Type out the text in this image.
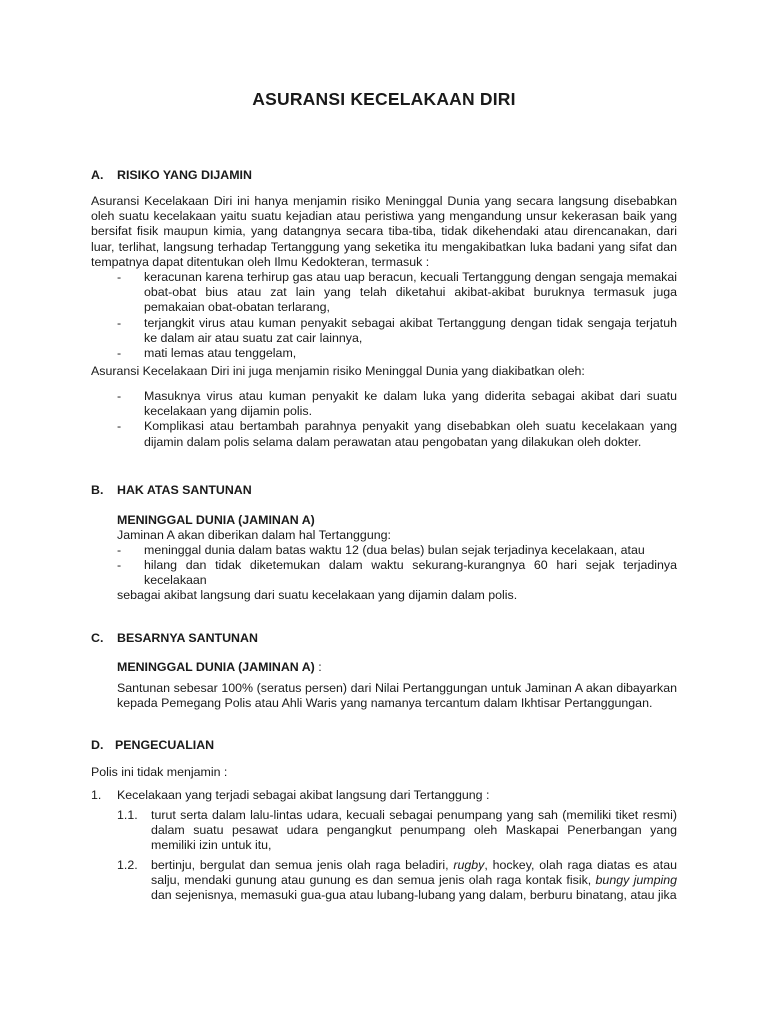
ASURANSI KECELAKAAN DIRI
A. RISIKO YANG DIJAMIN
Asuransi Kecelakaan Diri ini hanya menjamin risiko Meninggal Dunia yang secara langsung disebabkan oleh suatu kecelakaan yaitu suatu kejadian atau peristiwa yang mengandung unsur kekerasan baik yang bersifat fisik maupun kimia, yang datangnya secara tiba-tiba, tidak dikehendaki atau direncanakan, dari luar, terlihat, langsung terhadap Tertanggung yang seketika itu mengakibatkan luka badani yang sifat dan tempatnya dapat ditentukan oleh Ilmu Kedokteran, termasuk :
- keracunan karena terhirup gas atau uap beracun, kecuali Tertanggung dengan sengaja memakai obat-obat bius atau zat lain yang telah diketahui akibat-akibat buruknya termasuk juga pemakaian obat-obatan terlarang,
- terjangkit virus atau kuman penyakit sebagai akibat Tertanggung dengan tidak sengaja terjatuh ke dalam air atau suatu zat cair lainnya,
- mati lemas atau tenggelam,
Asuransi Kecelakaan Diri ini juga menjamin risiko Meninggal Dunia yang diakibatkan oleh:
- Masuknya virus atau kuman penyakit ke dalam luka yang diderita sebagai akibat dari suatu kecelakaan yang dijamin polis.
- Komplikasi atau bertambah parahnya penyakit yang disebabkan oleh suatu kecelakaan yang dijamin dalam polis selama dalam perawatan atau pengobatan yang dilakukan oleh dokter.
B. HAK ATAS SANTUNAN
MENINGGAL DUNIA (JAMINAN A)
Jaminan A akan diberikan dalam hal Tertanggung:
- meninggal dunia dalam batas waktu 12 (dua belas) bulan sejak terjadinya kecelakaan, atau
- hilang dan tidak diketemukan dalam waktu sekurang-kurangnya 60 hari sejak terjadinya kecelakaan
sebagai akibat langsung dari suatu kecelakaan yang dijamin dalam polis.
C. BESARNYA SANTUNAN
MENINGGAL DUNIA (JAMINAN A) :
Santunan sebesar 100% (seratus persen) dari Nilai Pertanggungan untuk Jaminan A akan dibayarkan kepada Pemegang Polis atau Ahli Waris yang namanya tercantum dalam Ikhtisar Pertanggungan.
D. PENGECUALIAN
Polis ini tidak menjamin :
1. Kecelakaan yang terjadi sebagai akibat langsung dari Tertanggung :
1.1. turut serta dalam lalu-lintas udara, kecuali sebagai penumpang yang sah (memiliki tiket resmi) dalam suatu pesawat udara pengangkut penumpang oleh Maskapai Penerbangan yang memiliki izin untuk itu,
1.2. bertinju, bergulat dan semua jenis olah raga beladiri, rugby, hockey, olah raga diatas es atau salju, mendaki gunung atau gunung es dan semua jenis olah raga kontak fisik, bungy jumping dan sejenisnya, memasuki gua-gua atau lubang-lubang yang dalam, berburu binatang, atau jika
